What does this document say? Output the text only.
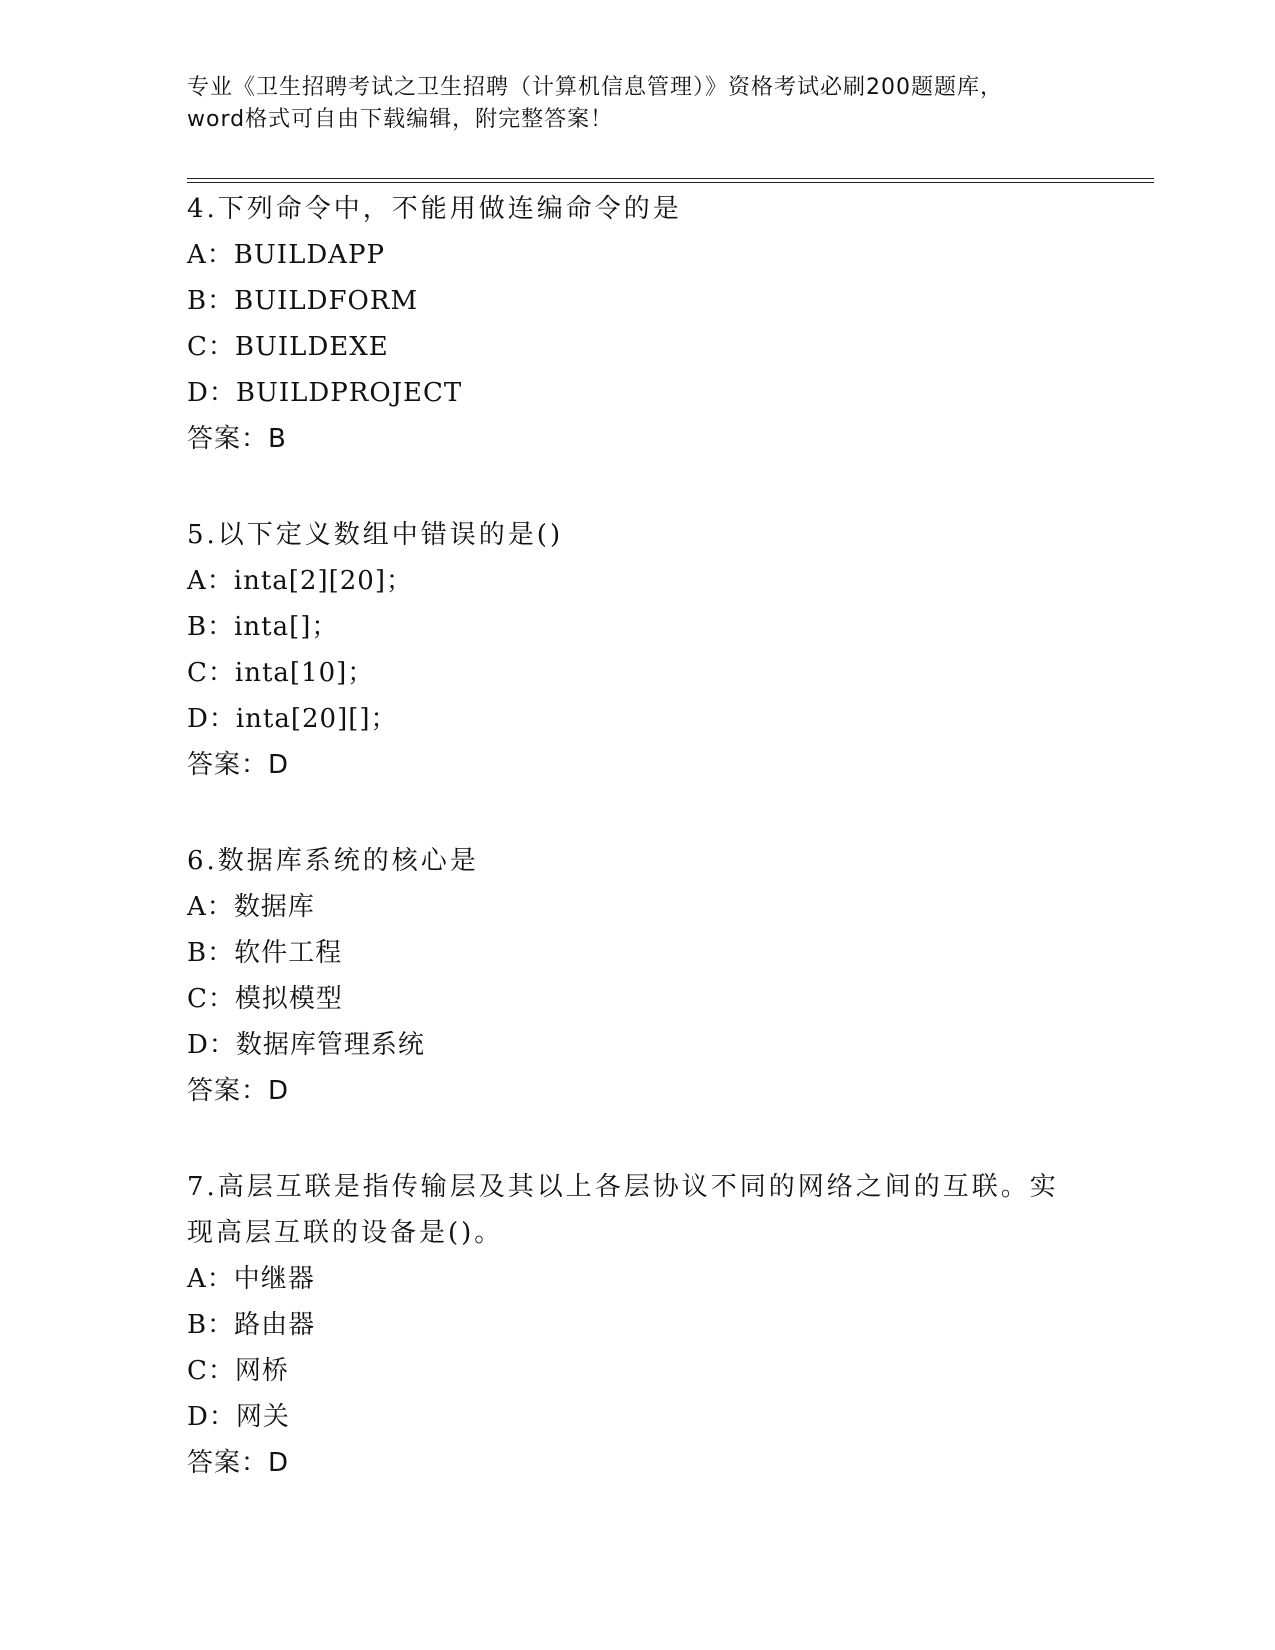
专业《卫生招聘考试之卫生招聘（计算机信息管理）》资格考试必刷200题题库，
word格式可自由下载编辑，附完整答案！

4.下列命令中，不能用做连编命令的是

A：BUILDAPP

B：BUILDFORM

C：BUILDEXE

D：BUILDPROJECT

答案：B

5.以下定义数组中错误的是()

A：inta[2][20]；

B：inta[]；

C：inta[10]；

D：inta[20][]；

答案：D

6.数据库系统的核心是

A：数据库

B：软件工程

C：模拟模型

D：数据库管理系统

答案：D

7.高层互联是指传输层及其以上各层协议不同的网络之间的互联。实现高层互联的设备是()。

A：中继器

B：路由器

C：网桥

D：网关

答案：D
